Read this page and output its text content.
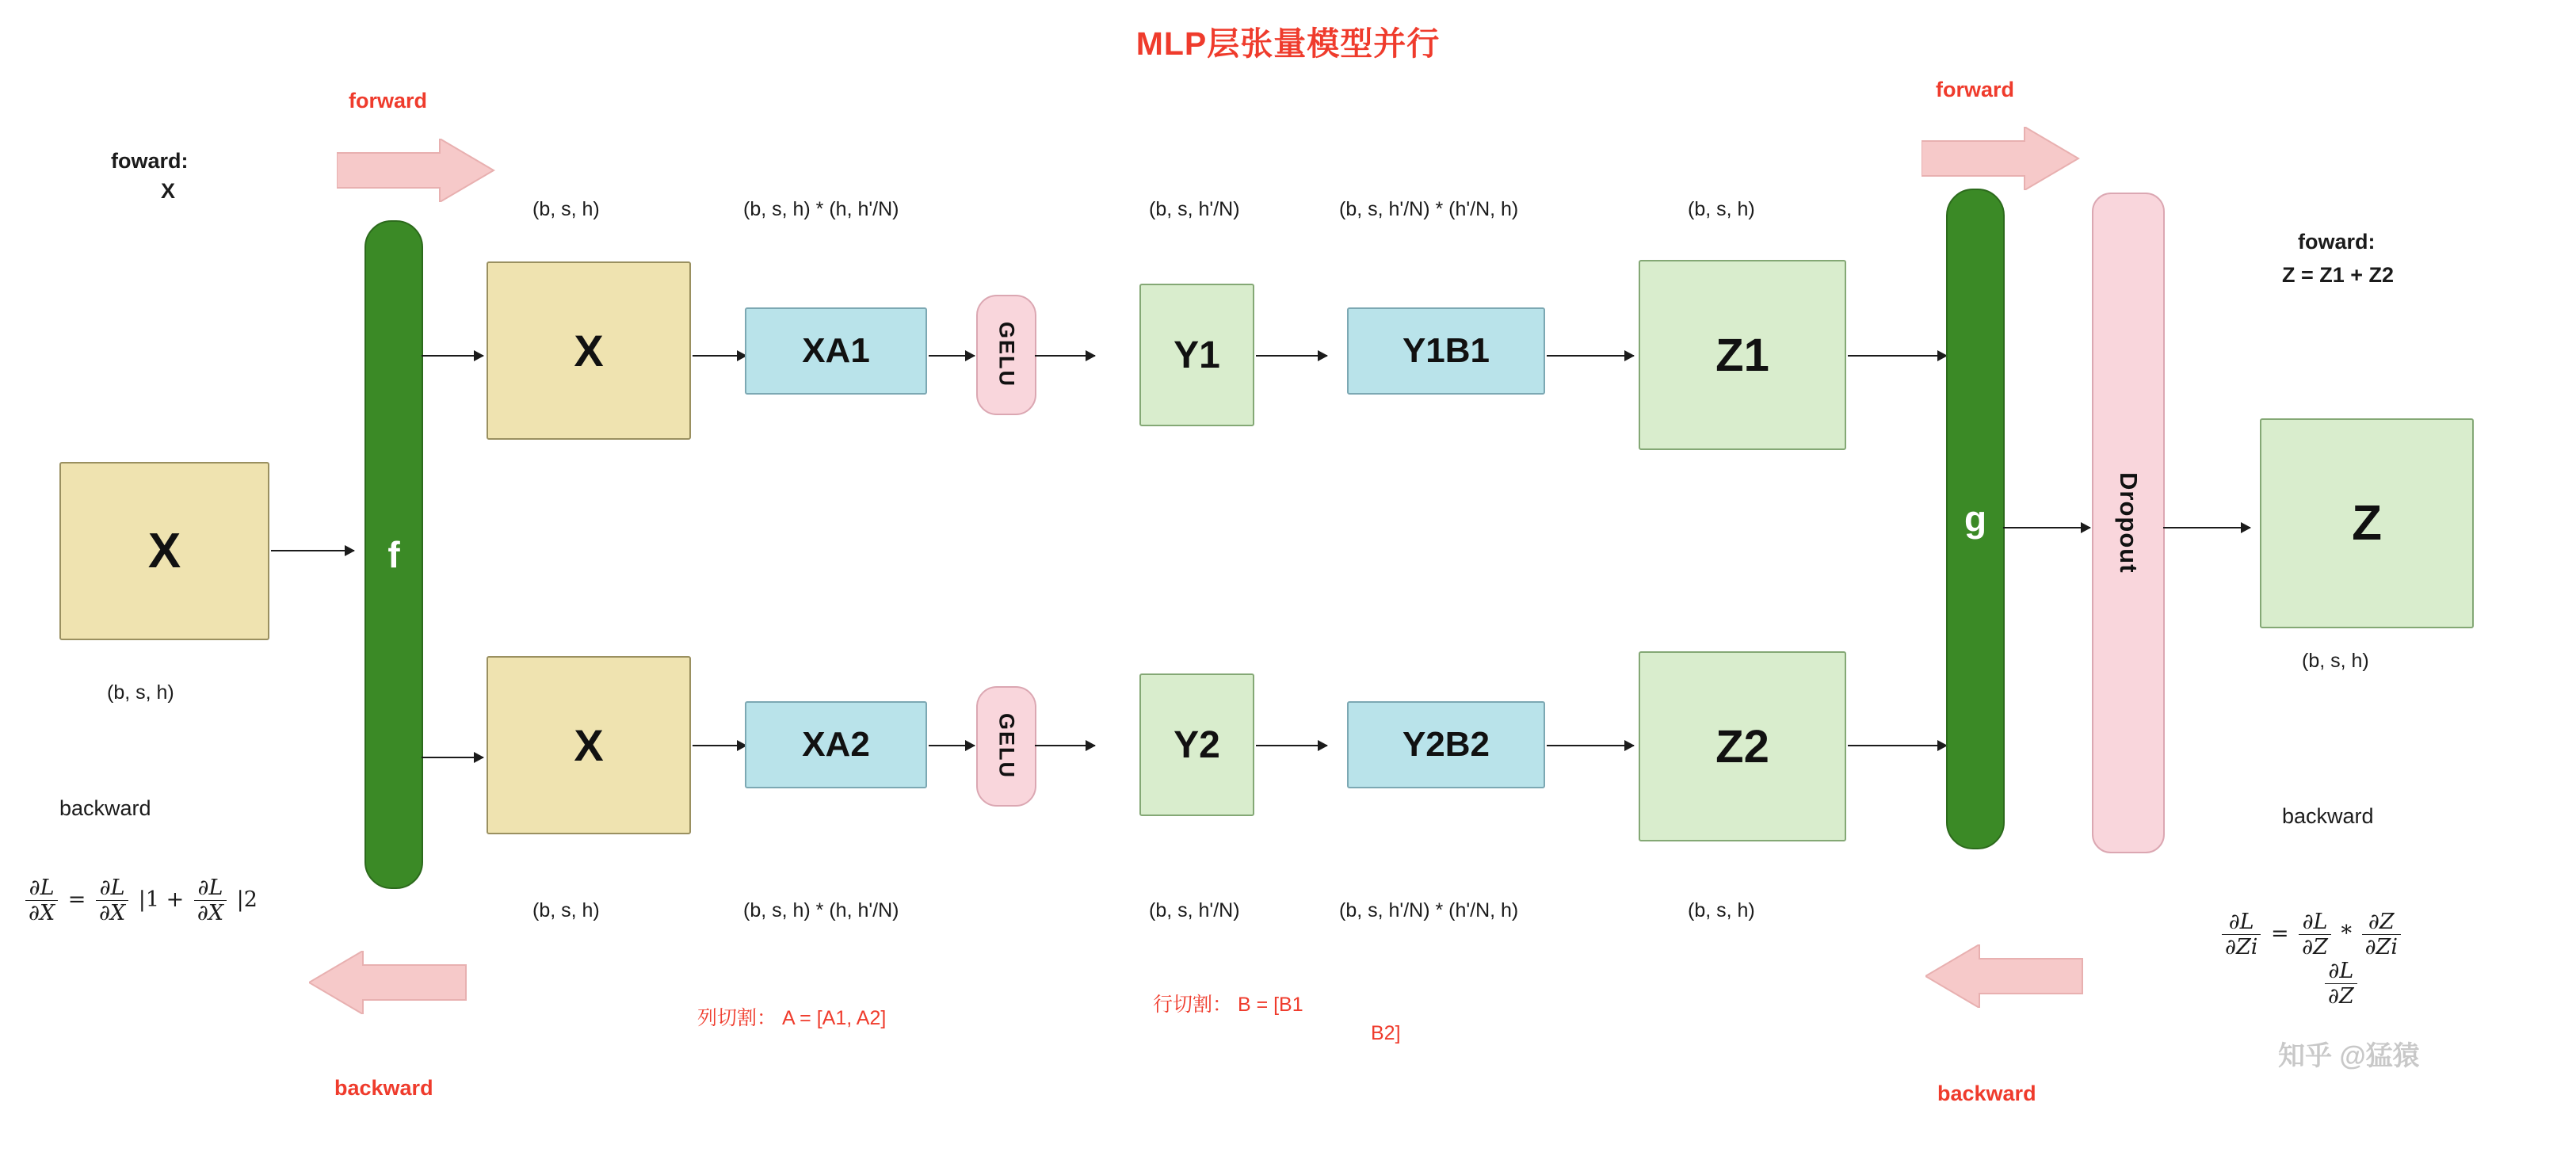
MLP层张量模型并行
forward	forward
foward:
X
X
(b, s, h)
f
(b, s, h)
X
(b, s, h) * (h, h'/N)
XA1	GELU
(b, s, h'/N)
Y1
(b, s, h'/N) * (h'/N, h)
Y1B1
(b, s, h)
Z1
X
(b, s, h)
XA2
(b, s, h) * (h, h'/N)
GELU	Y2
(b, s, h'/N)
Y2B2
(b, s, h'/N) * (h'/N, h)
Z2
(b, s, h)
g	Dropout	Z
(b, s, h)
foward:
Z = Z1 + Z2
backward	backward
backward	backward
$\frac{\partial L}{\partial X} = \frac{\partial L}{\partial X} |1 + \frac{\partial L}{\partial X} |2$
$\frac{\partial L}{\partial Zi} = \frac{\partial L}{\partial Z} * \frac{\partial Z}{\partial Zi}$
$\frac{\partial L}{\partial Z}$
列切割： A = [A1, A2]
行切割： B = [B1
B2]
知乎 @猛猿
